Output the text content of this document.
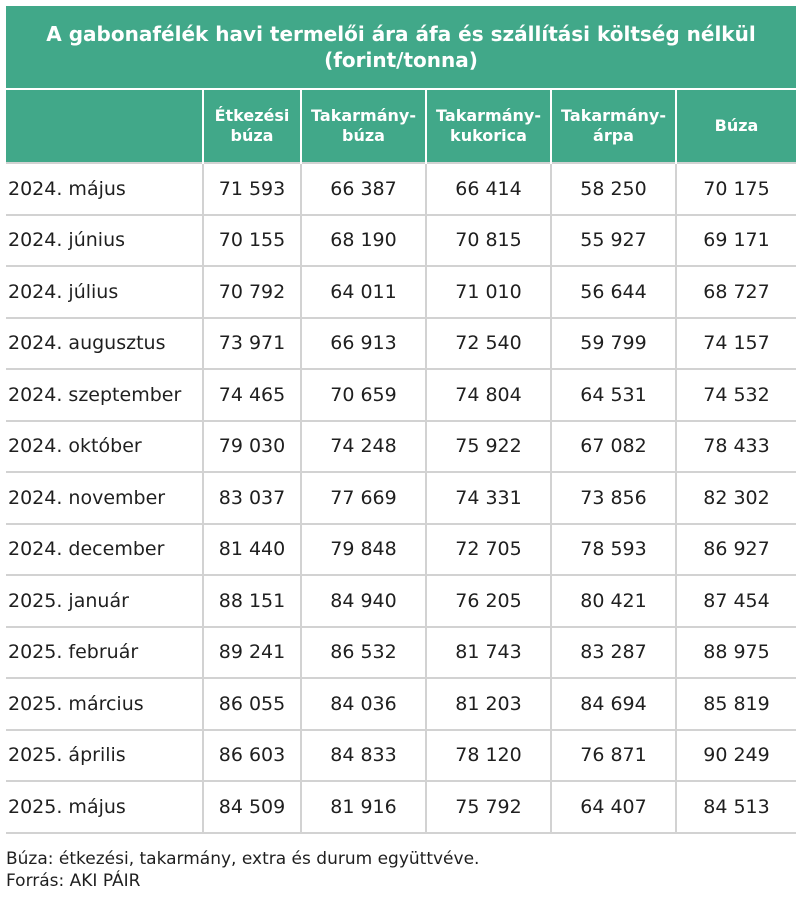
A gabonafélék havi termelői ára áfa és szállítási költség nélkül (forint/tonna)
	Étkezési búza	Takarmány-búza	Takarmány-kukorica	Takarmány-árpa	Búza
2024. május	71 593	66 387	66 414	58 250	70 175
2024. június	70 155	68 190	70 815	55 927	69 171
2024. július	70 792	64 011	71 010	56 644	68 727
2024. augusztus	73 971	66 913	72 540	59 799	74 157
2024. szeptember	74 465	70 659	74 804	64 531	74 532
2024. október	79 030	74 248	75 922	67 082	78 433
2024. november	83 037	77 669	74 331	73 856	82 302
2024. december	81 440	79 848	72 705	78 593	86 927
2025. január	88 151	84 940	76 205	80 421	87 454
2025. február	89 241	86 532	81 743	83 287	88 975
2025. március	86 055	84 036	81 203	84 694	85 819
2025. április	86 603	84 833	78 120	76 871	90 249
2025. május	84 509	81 916	75 792	64 407	84 513
Búza: étkezési, takarmány, extra és durum együttvéve.
Forrás: AKI PÁIR
